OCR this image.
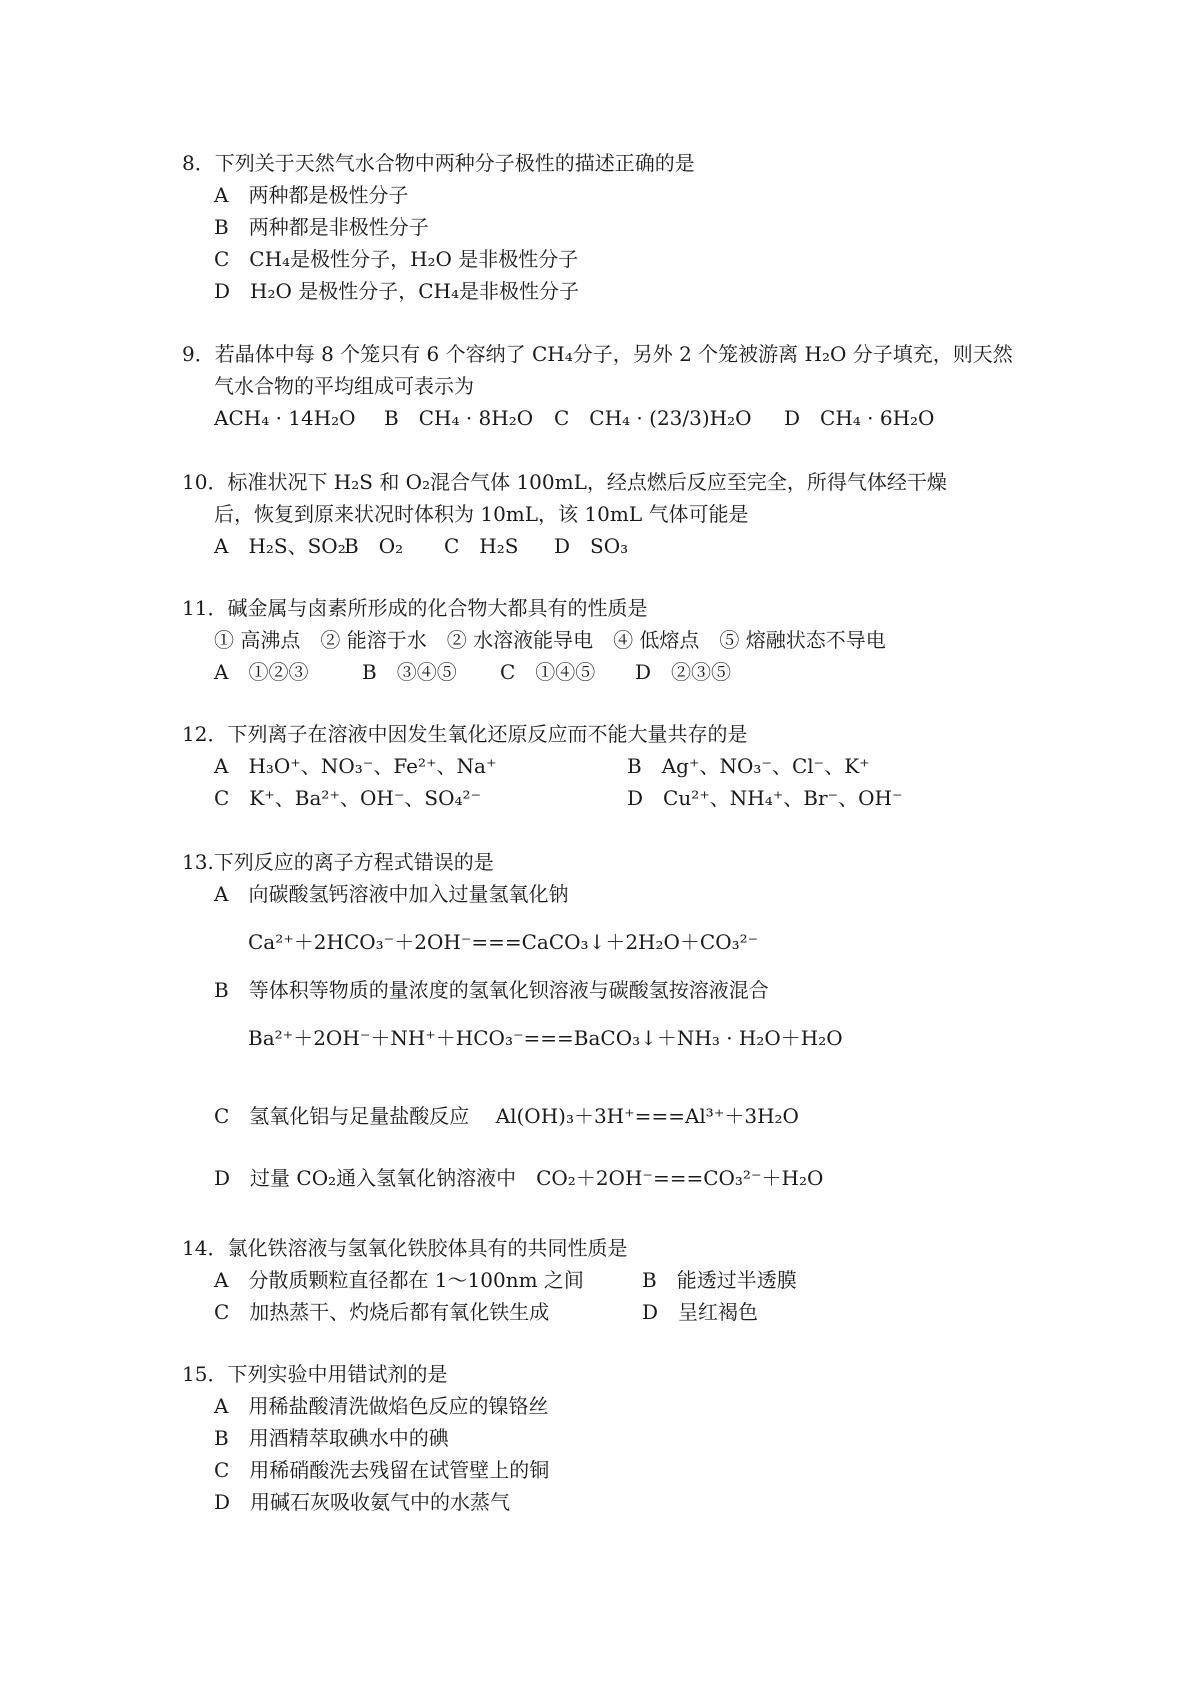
8．下列关于天然气水合物中两种分子极性的描述正确的是
A　两种都是极性分子
B　两种都是非极性分子
C　CH₄是极性分子，H₂O 是非极性分子
D　H₂O 是极性分子，CH₄是非极性分子
9．若晶体中每 8 个笼只有 6 个容纳了 CH₄分子，另外 2 个笼被游离 H₂O 分子填充，则天然
气水合物的平均组成可表示为
ACH₄ · 14H₂O B　CH₄ · 8H₂O C　CH₄ · (23/3)H₂O D　CH₄ · 6H₂O
10．标准状况下 H₂S 和 O₂混合气体 100mL，经点燃后反应至完全，所得气体经干燥
后，恢复到原来状况时体积为 10mL，该 10mL 气体可能是
A　H₂S、SO₂B　O₂ C　H₂S D　SO₃
11．碱金属与卤素所形成的化合物大都具有的性质是
① 高沸点　② 能溶于水　② 水溶液能导电　④ 低熔点　⑤ 熔融状态不导电
A　①②③	B　③④⑤ C　①④⑤ D　②③⑤
12．下列离子在溶液中因发生氧化还原反应而不能大量共存的是
A　H₃O⁺、NO₃⁻、Fe²⁺、Na⁺	B　Ag⁺、NO₃⁻、Cl⁻、K⁺
C　K⁺、Ba²⁺、OH⁻、SO₄²⁻	D　Cu²⁺、NH₄⁺、Br⁻、OH⁻
13.下列反应的离子方程式错误的是
A　向碳酸氢钙溶液中加入过量氢氧化钠
Ca²⁺＋2HCO₃⁻＋2OH⁻===CaCO₃↓＋2H₂O＋CO₃²⁻
B　等体积等物质的量浓度的氢氧化钡溶液与碳酸氢按溶液混合
Ba²⁺＋2OH⁻＋NH⁺＋HCO₃⁻===BaCO₃↓＋NH₃ · H₂O＋H₂O
C　氢氧化铝与足量盐酸反应　 Al(OH)₃＋3H⁺===Al³⁺＋3H₂O
D　过量 CO₂通入氢氧化钠溶液中　CO₂＋2OH⁻===CO₃²⁻＋H₂O
14．氯化铁溶液与氢氧化铁胶体具有的共同性质是
A　分散质颗粒直径都在 1～100nm 之间	B　能透过半透膜
C　加热蒸干、灼烧后都有氧化铁生成	D　呈红褐色
15．下列实验中用错试剂的是
A　用稀盐酸清洗做焰色反应的镍铬丝
B　用酒精萃取碘水中的碘
C　用稀硝酸洗去残留在试管壁上的铜
D　用碱石灰吸收氨气中的水蒸气
